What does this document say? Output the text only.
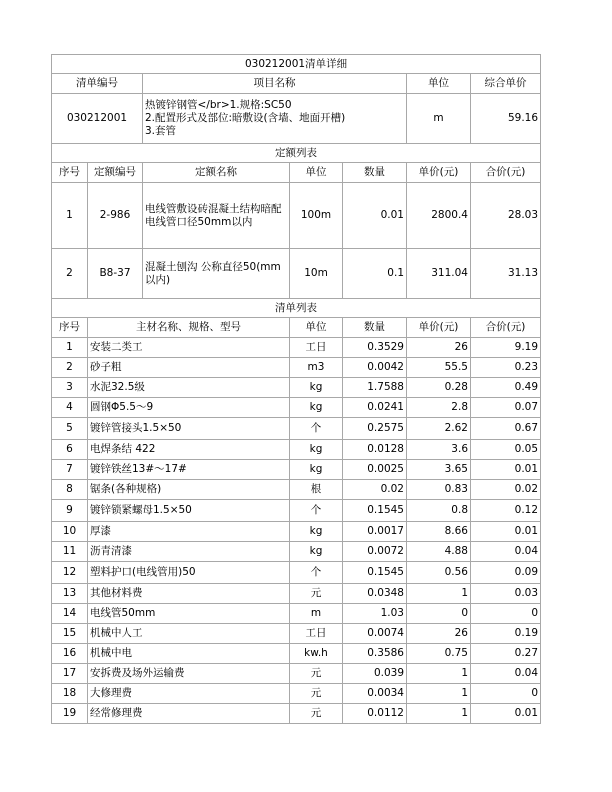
030212001清单详细						
清单编号		项目名称			单位	综合单价
030212001		热镀锌钢管</br>1.规格:SC50
2.配置形式及部位:暗敷设(含墙、地面开槽)
3.套管			m	59.16
定额列表						
序号	定额编号	定额名称	单位	数量	单价(元)	合价(元)
1	2-986	电线管敷设砖混凝土结构暗配电线管口径50mm以内	100m	0.01	2800.4	28.03
2	B8-37	混凝土刨沟 公称直径50(mm以内)	10m	0.1	311.04	31.13
清单列表						
序号	主材名称、规格、型号		单位	数量	单价(元)	合价(元)
1	安装二类工		工日	0.3529	26	9.19
2	砂子粗		m3	0.0042	55.5	0.23
3	水泥32.5级		kg	1.7588	0.28	0.49
4	圆钢Φ5.5～9		kg	0.0241	2.8	0.07
5	镀锌管接头1.5×50		个	0.2575	2.62	0.67
6	电焊条结 422		kg	0.0128	3.6	0.05
7	镀锌铁丝13#～17#		kg	0.0025	3.65	0.01
8	锯条(各种规格)		根	0.02	0.83	0.02
9	镀锌锁紧螺母1.5×50		个	0.1545	0.8	0.12
10	厚漆		kg	0.0017	8.66	0.01
11	沥青清漆		kg	0.0072	4.88	0.04
12	塑料护口(电线管用)50		个	0.1545	0.56	0.09
13	其他材料费		元	0.0348	1	0.03
14	电线管50mm		m	1.03	0	0
15	机械中人工		工日	0.0074	26	0.19
16	机械中电		kw.h	0.3586	0.75	0.27
17	安拆费及场外运输费		元	0.039	1	0.04
18	大修理费		元	0.0034	1	0
19	经常修理费		元	0.0112	1	0.01
